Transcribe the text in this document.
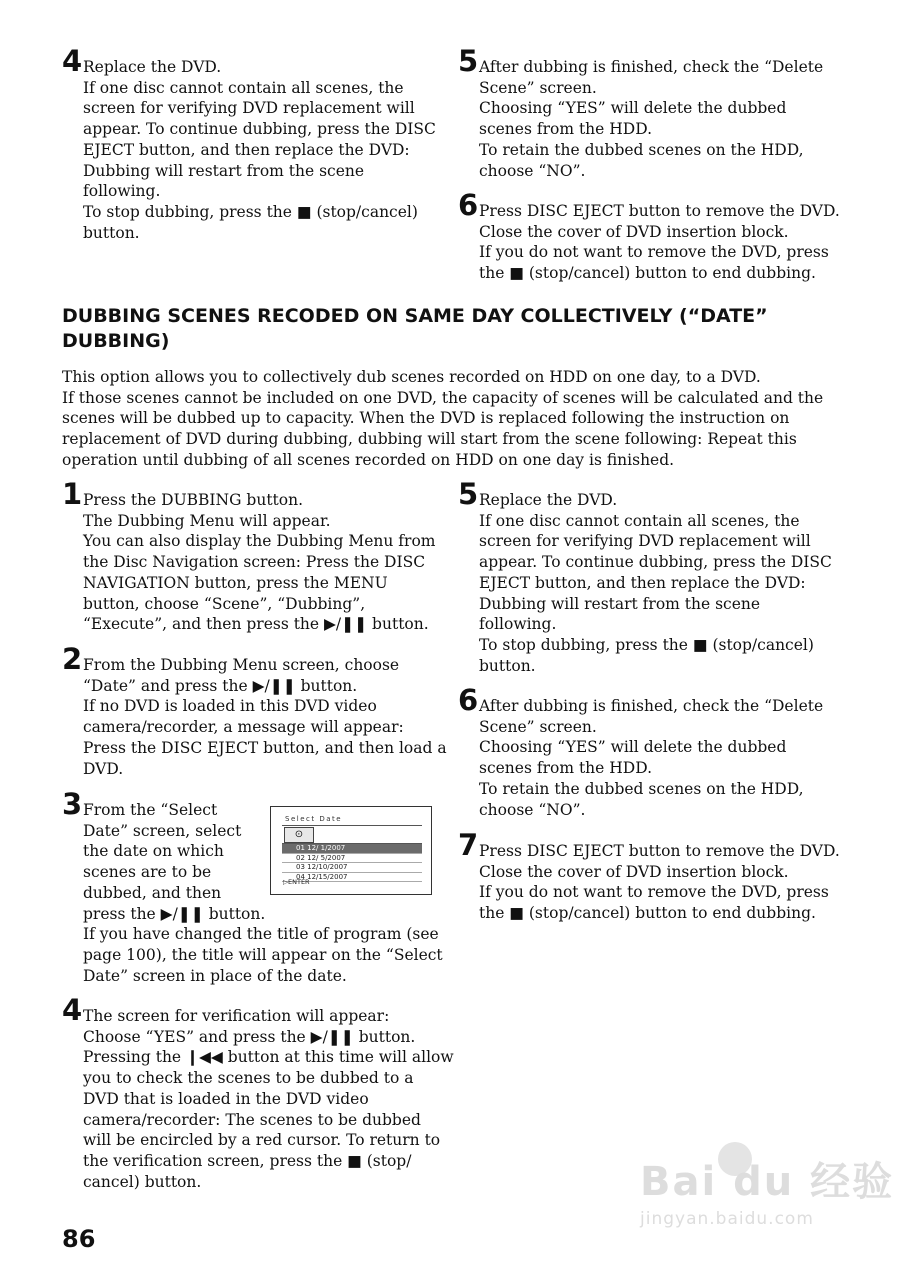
4 Replace the DVD.
If one disc cannot contain all scenes, the
screen for verifying DVD replacement will
appear. To continue dubbing, press the DISC
EJECT button, and then replace the DVD:
Dubbing will restart from the scene
following.
To stop dubbing, press the ■ (stop/cancel)
button.
5 After dubbing is finished, check the “Delete
Scene” screen.
Choosing “YES” will delete the dubbed
scenes from the HDD.
To retain the dubbed scenes on the HDD,
choose “NO”.
6 Press DISC EJECT button to remove the DVD.
Close the cover of DVD insertion block.
If you do not want to remove the DVD, press
the ■ (stop/cancel) button to end dubbing.
DUBBING SCENES RECODED ON SAME DAY COLLECTIVELY (“DATE” DUBBING)
This option allows you to collectively dub scenes recorded on HDD on one day, to a DVD.
If those scenes cannot be included on one DVD, the capacity of scenes will be calculated and the
scenes will be dubbed up to capacity. When the DVD is replaced following the instruction on
replacement of DVD during dubbing, dubbing will start from the scene following: Repeat this
operation until dubbing of all scenes recorded on HDD on one day is finished.
1 Press the DUBBING button.
The Dubbing Menu will appear.
You can also display the Dubbing Menu from
the Disc Navigation screen: Press the DISC
NAVIGATION button, press the MENU
button, choose “Scene”, “Dubbing”,
“Execute”, and then press the ▶/❚❚ button.
2 From the Dubbing Menu screen, choose
“Date” and press the ▶/❚❚ button.
If no DVD is loaded in this DVD video
camera/recorder, a message will appear:
Press the DISC EJECT button, and then load a
DVD.
3 From the “Select
Date” screen, select
the date on which
scenes are to be
dubbed, and then
press the ▶/❚❚ button.
If you have changed the title of program (see
page 100), the title will appear on the “Select
Date” screen in place of the date.
Select Date
⊙
01 12/ 1/2007
02 12/ 5/2007
03 12/10/2007
04 12/15/2007
▷ENTER
4 The screen for verification will appear:
Choose “YES” and press the ▶/❚❚ button.
Pressing the ❙◀◀ button at this time will allow
you to check the scenes to be dubbed to a
DVD that is loaded in the DVD video
camera/recorder: The scenes to be dubbed
will be encircled by a red cursor. To return to
the verification screen, press the ■ (stop/
cancel) button.
5 Replace the DVD.
If one disc cannot contain all scenes, the
screen for verifying DVD replacement will
appear. To continue dubbing, press the DISC
EJECT button, and then replace the DVD:
Dubbing will restart from the scene
following.
To stop dubbing, press the ■ (stop/cancel)
button.
6 After dubbing is finished, check the “Delete
Scene” screen.
Choosing “YES” will delete the dubbed
scenes from the HDD.
To retain the dubbed scenes on the HDD,
choose “NO”.
7 Press DISC EJECT button to remove the DVD.
Close the cover of DVD insertion block.
If you do not want to remove the DVD, press
the ■ (stop/cancel) button to end dubbing.
Bai du 经验
jingyan.baidu.com
86
